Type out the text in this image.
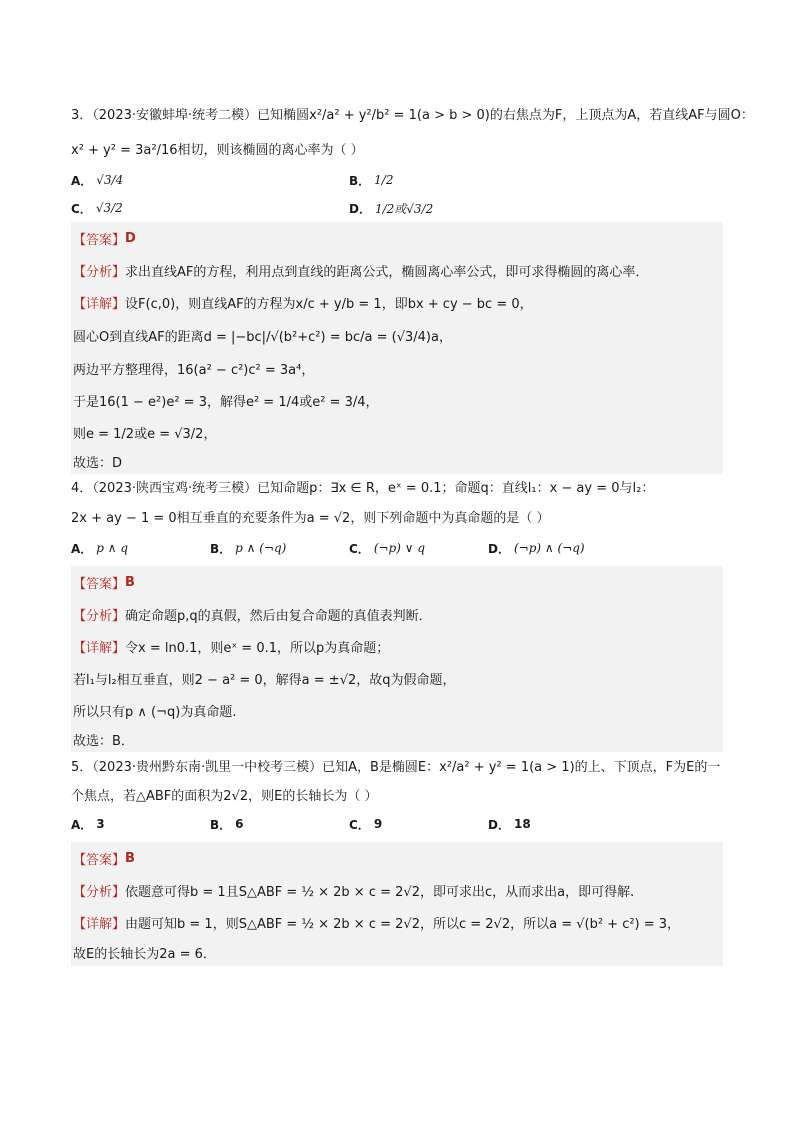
3．（2023·安徽蚌埠·统考二模）已知椭圆x²/a² + y²/b² = 1(a > b > 0)的右焦点为F，上顶点为A，若直线AF与圆O：
x² + y² = 3a²/16相切，则该椭圆的离心率为（ ）
A． √3/4	B． 1/2
C． √3/2	D． 1/2或√3/2
【答案】 D
【分析】 求出直线AF的方程，利用点到直线的距离公式，椭圆离心率公式，即可求得椭圆的离心率．
【详解】 设F(c,0)，则直线AF的方程为x/c + y/b = 1，即bx + cy − bc = 0，
圆心O到直线AF的距离d = |−bc|/√(b²+c²) = bc/a = (√3/4)a，
两边平方整理得，16(a² − c²)c² = 3a⁴，
于是16(1 − e²)e² = 3，解得e² = 1/4或e² = 3/4，
则e = 1/2或e = √3/2，
故选：D
4．（2023·陕西宝鸡·统考三模）已知命题p：∃x ∈ R，eˣ = 0.1；命题q：直线l₁：x − ay = 0与l₂：
2x + ay − 1 = 0相互垂直的充要条件为a = √2，则下列命题中为真命题的是（ ）
A． p ∧ q	B． p ∧ (¬q)	C． (¬p) ∨ q	D． (¬p) ∧ (¬q)
【答案】 B
【分析】 确定命题p,q的真假，然后由复合命题的真值表判断．
【详解】 令x = ln0.1，则eˣ = 0.1，所以p为真命题；
若l₁与l₂相互垂直，则2 − a² = 0，解得a = ±√2，故q为假命题，
所以只有p ∧ (¬q)为真命题.
故选：B．
5．（2023·贵州黔东南·凯里一中校考三模）已知A，B是椭圆E：x²/a² + y² = 1(a > 1)的上、下顶点，F为E的一
个焦点，若△ABF的面积为2√2，则E的长轴长为（ ）
A． 3	B． 6	C． 9	D． 18
【答案】 B
【分析】 依题意可得b = 1且S△ABF = ½ × 2b × c = 2√2，即可求出c，从而求出a，即可得解.
【详解】 由题可知b = 1，则S△ABF = ½ × 2b × c = 2√2，所以c = 2√2，所以a = √(b² + c²) = 3，
故E的长轴长为2a = 6．
